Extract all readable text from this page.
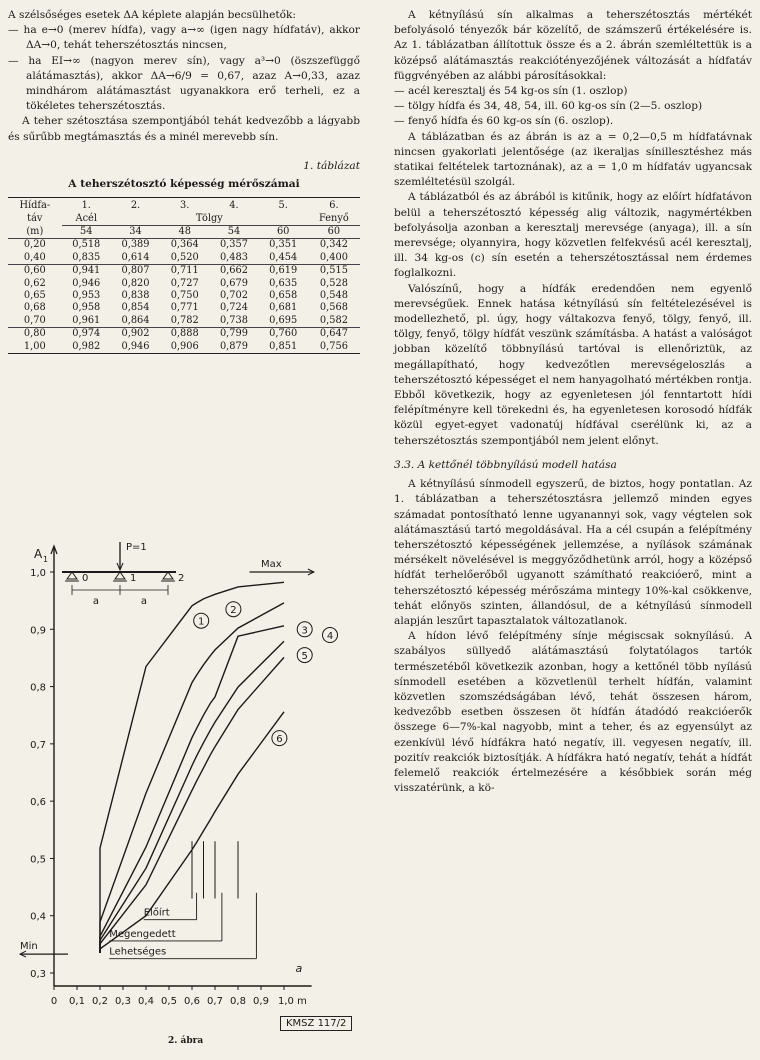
A szélsőséges esetek ΔA képlete alapján becsülhetők:

— ha e→0 (merev hídfa), vagy a→∞ (igen nagy hídfatáv), akkor ΔA→0, tehát teherszétosztás nincsen,

— ha EI→∞ (nagyon merev sín), vagy a³→0 (öszszefüggő alátámasztás), akkor ΔA→6/9 = 0,67, azaz A→0,33, azaz mindhárom alátámasztást ugyanakkora erő terheli, ez a tökéletes teherszétosztás.

A teher szétosztása szempontjából tehát kedvezőbb a lágyabb és sűrűbb megtámasztás és a minél merevebb sín.

1. táblázat
A teherszétosztó képesség mérőszámai
Hídfa-	1.	2.	3.	4.	5.	6.
táv	Acél	Tölgy				Fenyő
(m)	54	34	48	54	60	60
0,20	0,518	0,389	0,364	0,357	0,351	0,342
0,40	0,835	0,614	0,520	0,483	0,454	0,400
0,60	0,941	0,807	0,711	0,662	0,619	0,515
0,62	0,946	0,820	0,727	0,679	0,635	0,528
0,65	0,953	0,838	0,750	0,702	0,658	0,548
0,68	0,958	0,854	0,771	0,724	0,681	0,568
0,70	0,961	0,864	0,782	0,738	0,695	0,582
0,80	0,974	0,902	0,888	0,799	0,760	0,647
1,00	0,982	0,946	0,906	0,879	0,851	0,756
1,0
0,9
0,8
0,7
0,6
0,5
0,4
0,3
0 0,1 0,2 0,3 0,4 0,5 0,6 0,7 0,8 0,9 1,0 m
A 1
a
0	1	2
P=1
a	a
Max
Min
1
2
3
4
5
6
Előírt
Megengedett
Lehetséges
KMSZ 117/2
2. ábra

A kétnyílású sín alkalmas a teherszétosztás mértékét befolyásoló tényezők bár közelítő, de számszerű értékelésére is. Az 1. táblázatban állítottuk össze és a 2. ábrán szemléltettük is a középső alátámasztás reakciótényezőjének változását a hídfatáv függvényében az alábbi párosításokkal:

— acél keresztalj és 54 kg-os sín (1. oszlop)

— tölgy hídfa és 34, 48, 54, ill. 60 kg-os sín (2—5. oszlop)

— fenyő hídfa és 60 kg-os sín (6. oszlop).

A táblázatban és az ábrán is az a = 0,2—0,5 m hídfatávnak nincsen gyakorlati jelentősége (az ikeraljas sínillesztéshez más statikai feltételek tartoznának), az a = 1,0 m hídfatáv ugyancsak szemléltetésül szolgál.

A táblázatból és az ábrából is kitűnik, hogy az előírt hídfatávon belül a teherszétosztó képesség alig változik, nagymértékben befolyásolja azonban a keresztalj merevsége (anyaga), ill. a sín merevsége; olyannyira, hogy közvetlen felfekvésű acél keresztalj, ill. 34 kg-os (c) sín esetén a teherszétosztással nem érdemes foglalkozni.

Valószínű, hogy a hídfák eredendően nem egyenlő merevségűek. Ennek hatása kétnyílású sín feltételezésével is modellezhető, pl. úgy, hogy váltakozva fenyő, tölgy, fenyő, ill. tölgy, fenyő, tölgy hídfát veszünk számításba. A hatást a valóságot jobban közelítő többnyílású tartóval is ellenőriztük, az megállapítható, hogy kedvezőtlen merevségeloszlás a teherszétosztó képességet el nem hanyagolható mértékben rontja. Ebből következik, hogy az egyenletesen jól fenntartott hídi felépítményre kell törekedni és, ha egyenletesen korosodó hídfák közül egyet-egyet vadonatúj hídfával cserélünk ki, az a teherszétosztás szempontjából nem jelent előnyt.

3.3. A kettőnél többnyílású modell hatása

A kétnyílású sínmodell egyszerű, de biztos, hogy pontatlan. Az 1. táblázatban a teherszétosztásra jellemző minden egyes számadat pontosítható lenne ugyanannyi sok, vagy végtelen sok alátámasztású tartó megoldásával. Ha a cél csupán a felépítmény teherszétosztó képességének jellemzése, a nyílások számának mérsékelt növelésével is meggyőződhetünk arról, hogy a középső hídfát terhelőerőből ugyanott számítható reakcióerő, mint a teherszétosztó képesség mérőszáma mintegy 10%-kal csökkenve, tehát előnyös szinten, állandósul, de a kétnyílású sínmodell alapján leszűrt tapasztalatok változatlanok.

A hídon lévő felépítmény sínje mégiscsak soknyílású. A szabályos süllyedő alátámasztású folytatólagos tartók természetéből következik azonban, hogy a kettőnél több nyílású sínmodell esetében a közvetlenül terhelt hídfán, valamint közvetlen szomszédságában lévő, tehát összesen három, kedvezőbb esetben összesen öt hídfán átadódó reakcióerők összege 6—7%-kal nagyobb, mint a teher, és az egyensúlyt az ezenkívül lévő hídfákra ható negatív, ill. vegyesen negatív, ill. pozitív reakciók biztosítják. A hídfákra ható negatív, tehát a hídfát felemelő reakciók értelmezésére a későbbiek során még visszatérünk, a kö-
